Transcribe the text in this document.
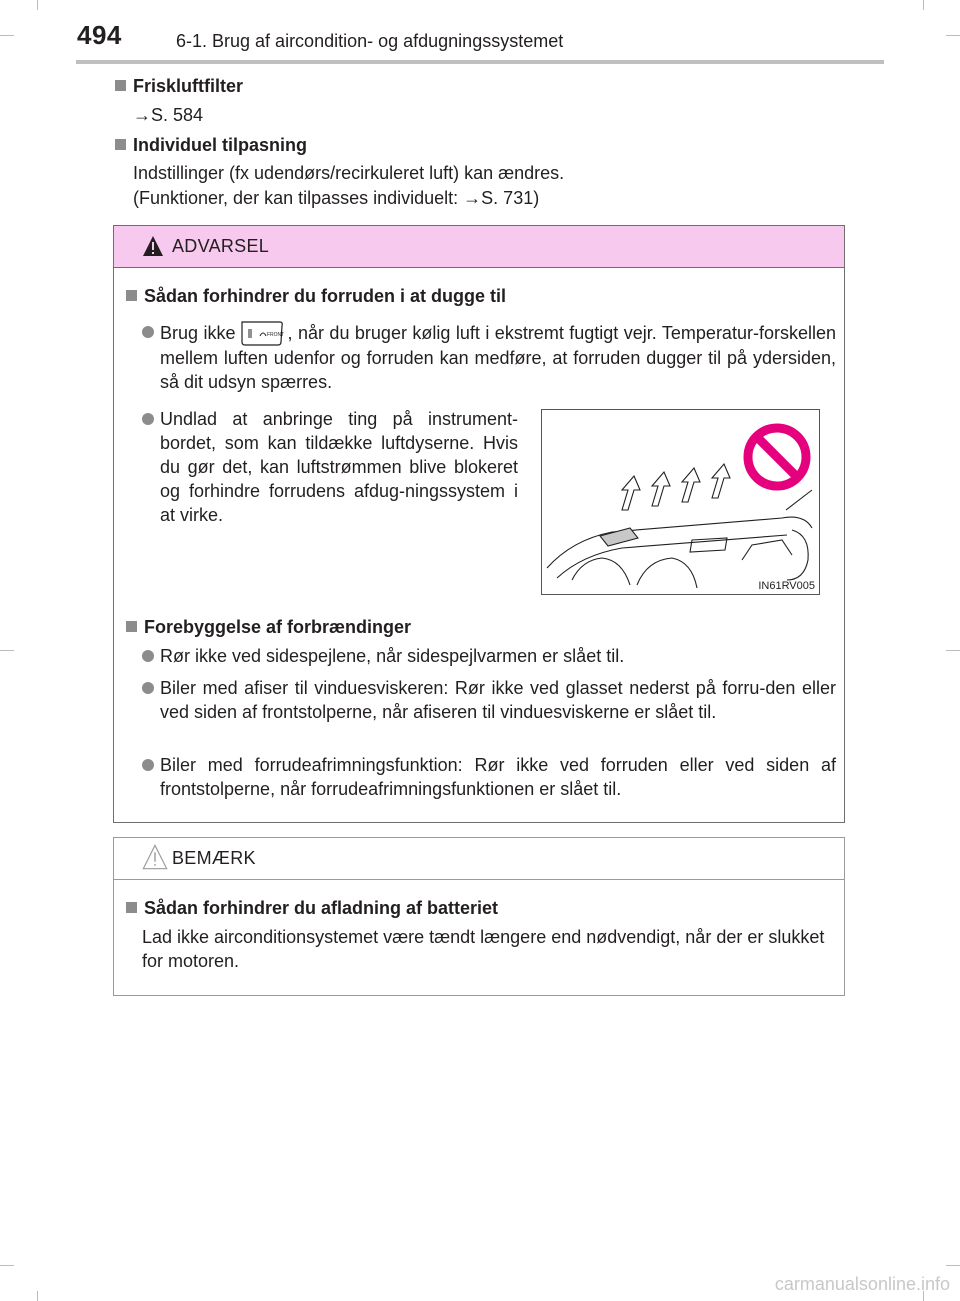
494	6-1. Brug af aircondition- og afdugningssystemet
Friskluftfilter
→S. 584
Individuel tilpasning
Indstillinger (fx udendørs/recirkuleret luft) kan ændres.
(Funktioner, der kan tilpasses individuelt: →S. 731)
ADVARSEL
Sådan forhindrer du forruden i at dugge til
Brug ikke	FRONT , når du bruger kølig luft i ekstremt fugtigt vejr. Temperatur-forskellen mellem luften udenfor og forruden kan medføre, at forruden dugger til på ydersiden, så dit udsyn spærres.
Undlad at anbringe ting på instrument-bordet, som kan tildække luftdyserne. Hvis du gør det, kan luftstrømmen blive blokeret og forhindre forrudens afdug-ningssystem i at virke.
IN61RV005
Forebyggelse af forbrændinger
Rør ikke ved sidespejlene, når sidespejlvarmen er slået til.
Biler med afiser til vinduesviskeren: Rør ikke ved glasset nederst på forru-den eller ved siden af frontstolperne, når afiseren til vinduesviskerne er slået til.
Biler med forrudeafrimningsfunktion: Rør ikke ved forruden eller ved siden af frontstolperne, når forrudeafrimningsfunktionen er slået til.
BEMÆRK
Sådan forhindrer du afladning af batteriet
Lad ikke airconditionsystemet være tændt længere end nødvendigt, når der er slukket for motoren.
carmanualsonline.info
